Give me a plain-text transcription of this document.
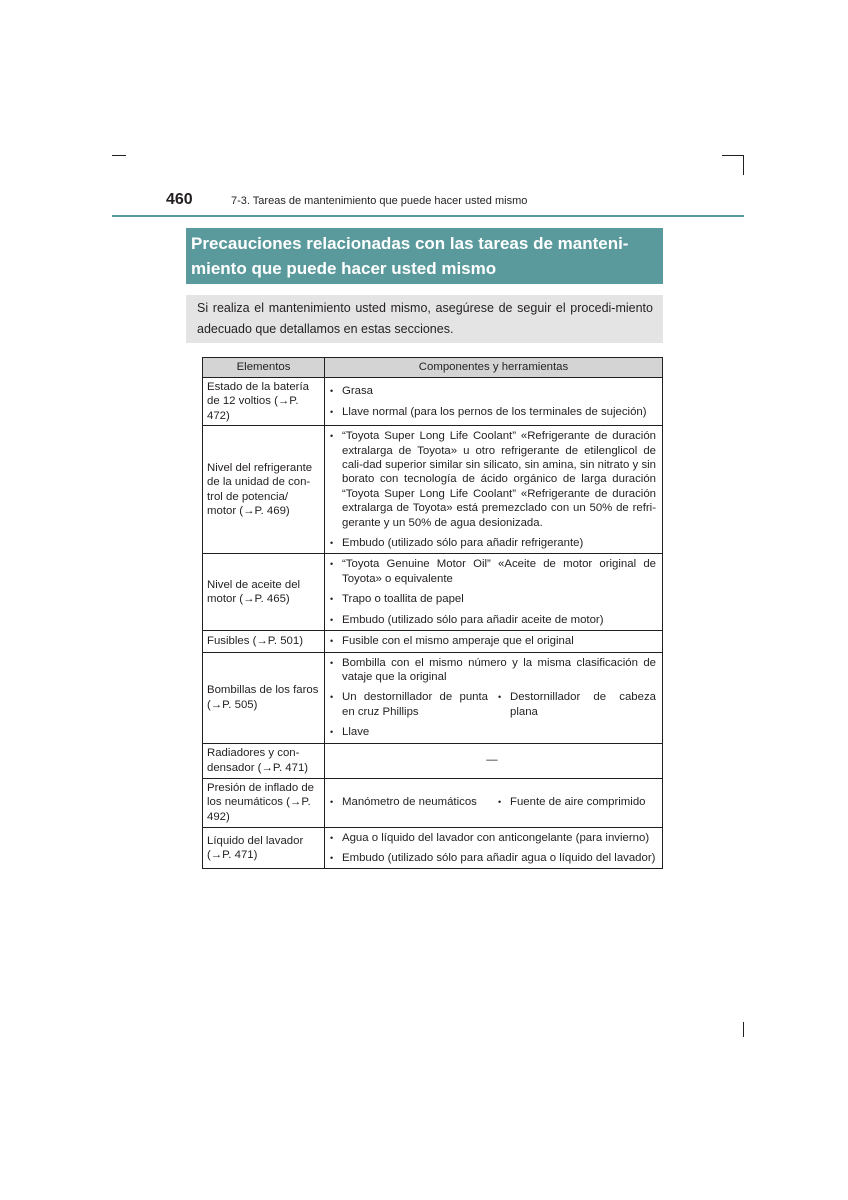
460	7-3. Tareas de mantenimiento que puede hacer usted mismo
Precauciones relacionadas con las tareas de manteni-miento que puede hacer usted mismo
Si realiza el mantenimiento usted mismo, asegúrese de seguir el procedi-miento adecuado que detallamos en estas secciones.
Elementos	Componentes y herramientas
Estado de la batería de 12 voltios (→P. 472)	• Grasa
• Llave normal (para los pernos de los terminales de sujeción)

Nivel del refrigerante de la unidad de con-trol de potencia/ motor (→P. 469)	• “Toyota Super Long Life Coolant” «Refrigerante de duración extralarga de Toyota» u otro refrigerante de etilenglicol de cali-dad superior similar sin silicato, sin amina, sin nitrato y sin borato con tecnología de ácido orgánico de larga duración “Toyota Super Long Life Coolant” «Refrigerante de duración extralarga de Toyota» está premezclado con un 50% de refri-gerante y un 50% de agua desionizada.
• Embudo (utilizado sólo para añadir refrigerante)

Nivel de aceite del motor (→P. 465)	• “Toyota Genuine Motor Oil” «Aceite de motor original de Toyota» o equivalente
• Trapo o toallita de papel
• Embudo (utilizado sólo para añadir aceite de motor)

Fusibles (→P. 501)	• Fusible con el mismo amperaje que el original

Bombillas de los faros (→P. 505)	• Bombilla con el mismo número y la misma clasificación de vataje que la original
• Un destornillador de punta en cruz Phillips
• Destornillador de cabeza plana
• Llave

Radiadores y con-densador (→P. 471)	—
Presión de inflado de los neumáticos (→P. 492)	• Manómetro de neumáticos • Fuente de aire comprimido

Líquido del lavador (→P. 471)	• Agua o líquido del lavador con anticongelante (para invierno)
• Embudo (utilizado sólo para añadir agua o líquido del lavador)
